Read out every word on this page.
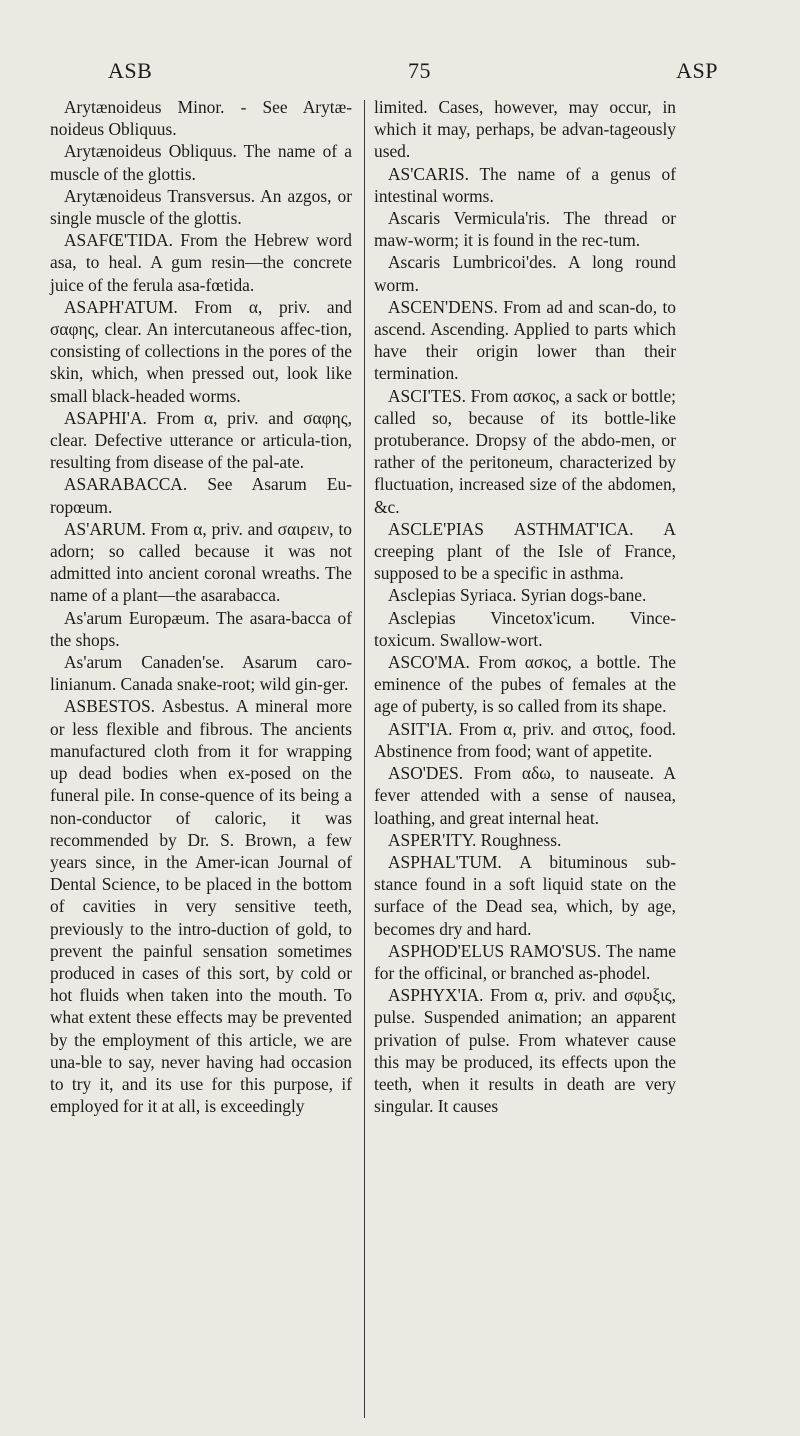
ASB	75	ASP

Arytænoideus Minor. - See Arytæ-noideus Obliquus.

Arytænoideus Obliquus. The name of a muscle of the glottis.

Arytænoideus Transversus. An azgos, or single muscle of the glottis.

ASAFŒ'TIDA. From the Hebrew word asa, to heal. A gum resin—the concrete juice of the ferula asa-fœtida.

ASAPH'ATUM. From α, priv. and σαφης, clear. An intercutaneous affec-tion, consisting of collections in the pores of the skin, which, when pressed out, look like small black-headed worms.

ASAPHI'A. From α, priv. and σαφης, clear. Defective utterance or articula-tion, resulting from disease of the pal-ate.

ASARABACCA. See Asarum Eu-ropœum.

AS'ARUM. From α, priv. and σαιρειν, to adorn; so called because it was not admitted into ancient coronal wreaths. The name of a plant—the asarabacca.

As'arum Europæum. The asara-bacca of the shops.

As'arum Canaden'se. Asarum caro-linianum. Canada snake-root; wild gin-ger.

ASBESTOS. Asbestus. A mineral more or less flexible and fibrous. The ancients manufactured cloth from it for wrapping up dead bodies when ex-posed on the funeral pile. In conse-quence of its being a non-conductor of caloric, it was recommended by Dr. S. Brown, a few years since, in the Amer-ican Journal of Dental Science, to be placed in the bottom of cavities in very sensitive teeth, previously to the intro-duction of gold, to prevent the painful sensation sometimes produced in cases of this sort, by cold or hot fluids when taken into the mouth. To what extent these effects may be prevented by the employment of this article, we are una-ble to say, never having had occasion to try it, and its use for this purpose, if employed for it at all, is exceedingly

limited. Cases, however, may occur, in which it may, perhaps, be advan-tageously used.

AS'CARIS. The name of a genus of intestinal worms.

Ascaris Vermicula'ris. The thread or maw-worm; it is found in the rec-tum.

Ascaris Lumbricoi'des. A long round worm.

ASCEN'DENS. From ad and scan-do, to ascend. Ascending. Applied to parts which have their origin lower than their termination.

ASCI'TES. From ασκος, a sack or bottle; called so, because of its bottle-like protuberance. Dropsy of the abdo-men, or rather of the peritoneum, characterized by fluctuation, increased size of the abdomen, &c.

ASCLE'PIAS ASTHMAT'ICA. A creeping plant of the Isle of France, supposed to be a specific in asthma.

Asclepias Syriaca. Syrian dogs-bane.

Asclepias Vincetox'icum. Vince-toxicum. Swallow-wort.

ASCO'MA. From ασκος, a bottle. The eminence of the pubes of females at the age of puberty, is so called from its shape.

ASIT'IA. From α, priv. and σιτος, food. Abstinence from food; want of appetite.

ASO'DES. From αδω, to nauseate. A fever attended with a sense of nausea, loathing, and great internal heat.

ASPER'ITY. Roughness.

ASPHAL'TUM. A bituminous sub-stance found in a soft liquid state on the surface of the Dead sea, which, by age, becomes dry and hard.

ASPHOD'ELUS RAMO'SUS. The name for the officinal, or branched as-phodel.

ASPHYX'IA. From α, priv. and σφυξις, pulse. Suspended animation; an apparent privation of pulse. From whatever cause this may be produced, its effects upon the teeth, when it results in death are very singular. It causes
